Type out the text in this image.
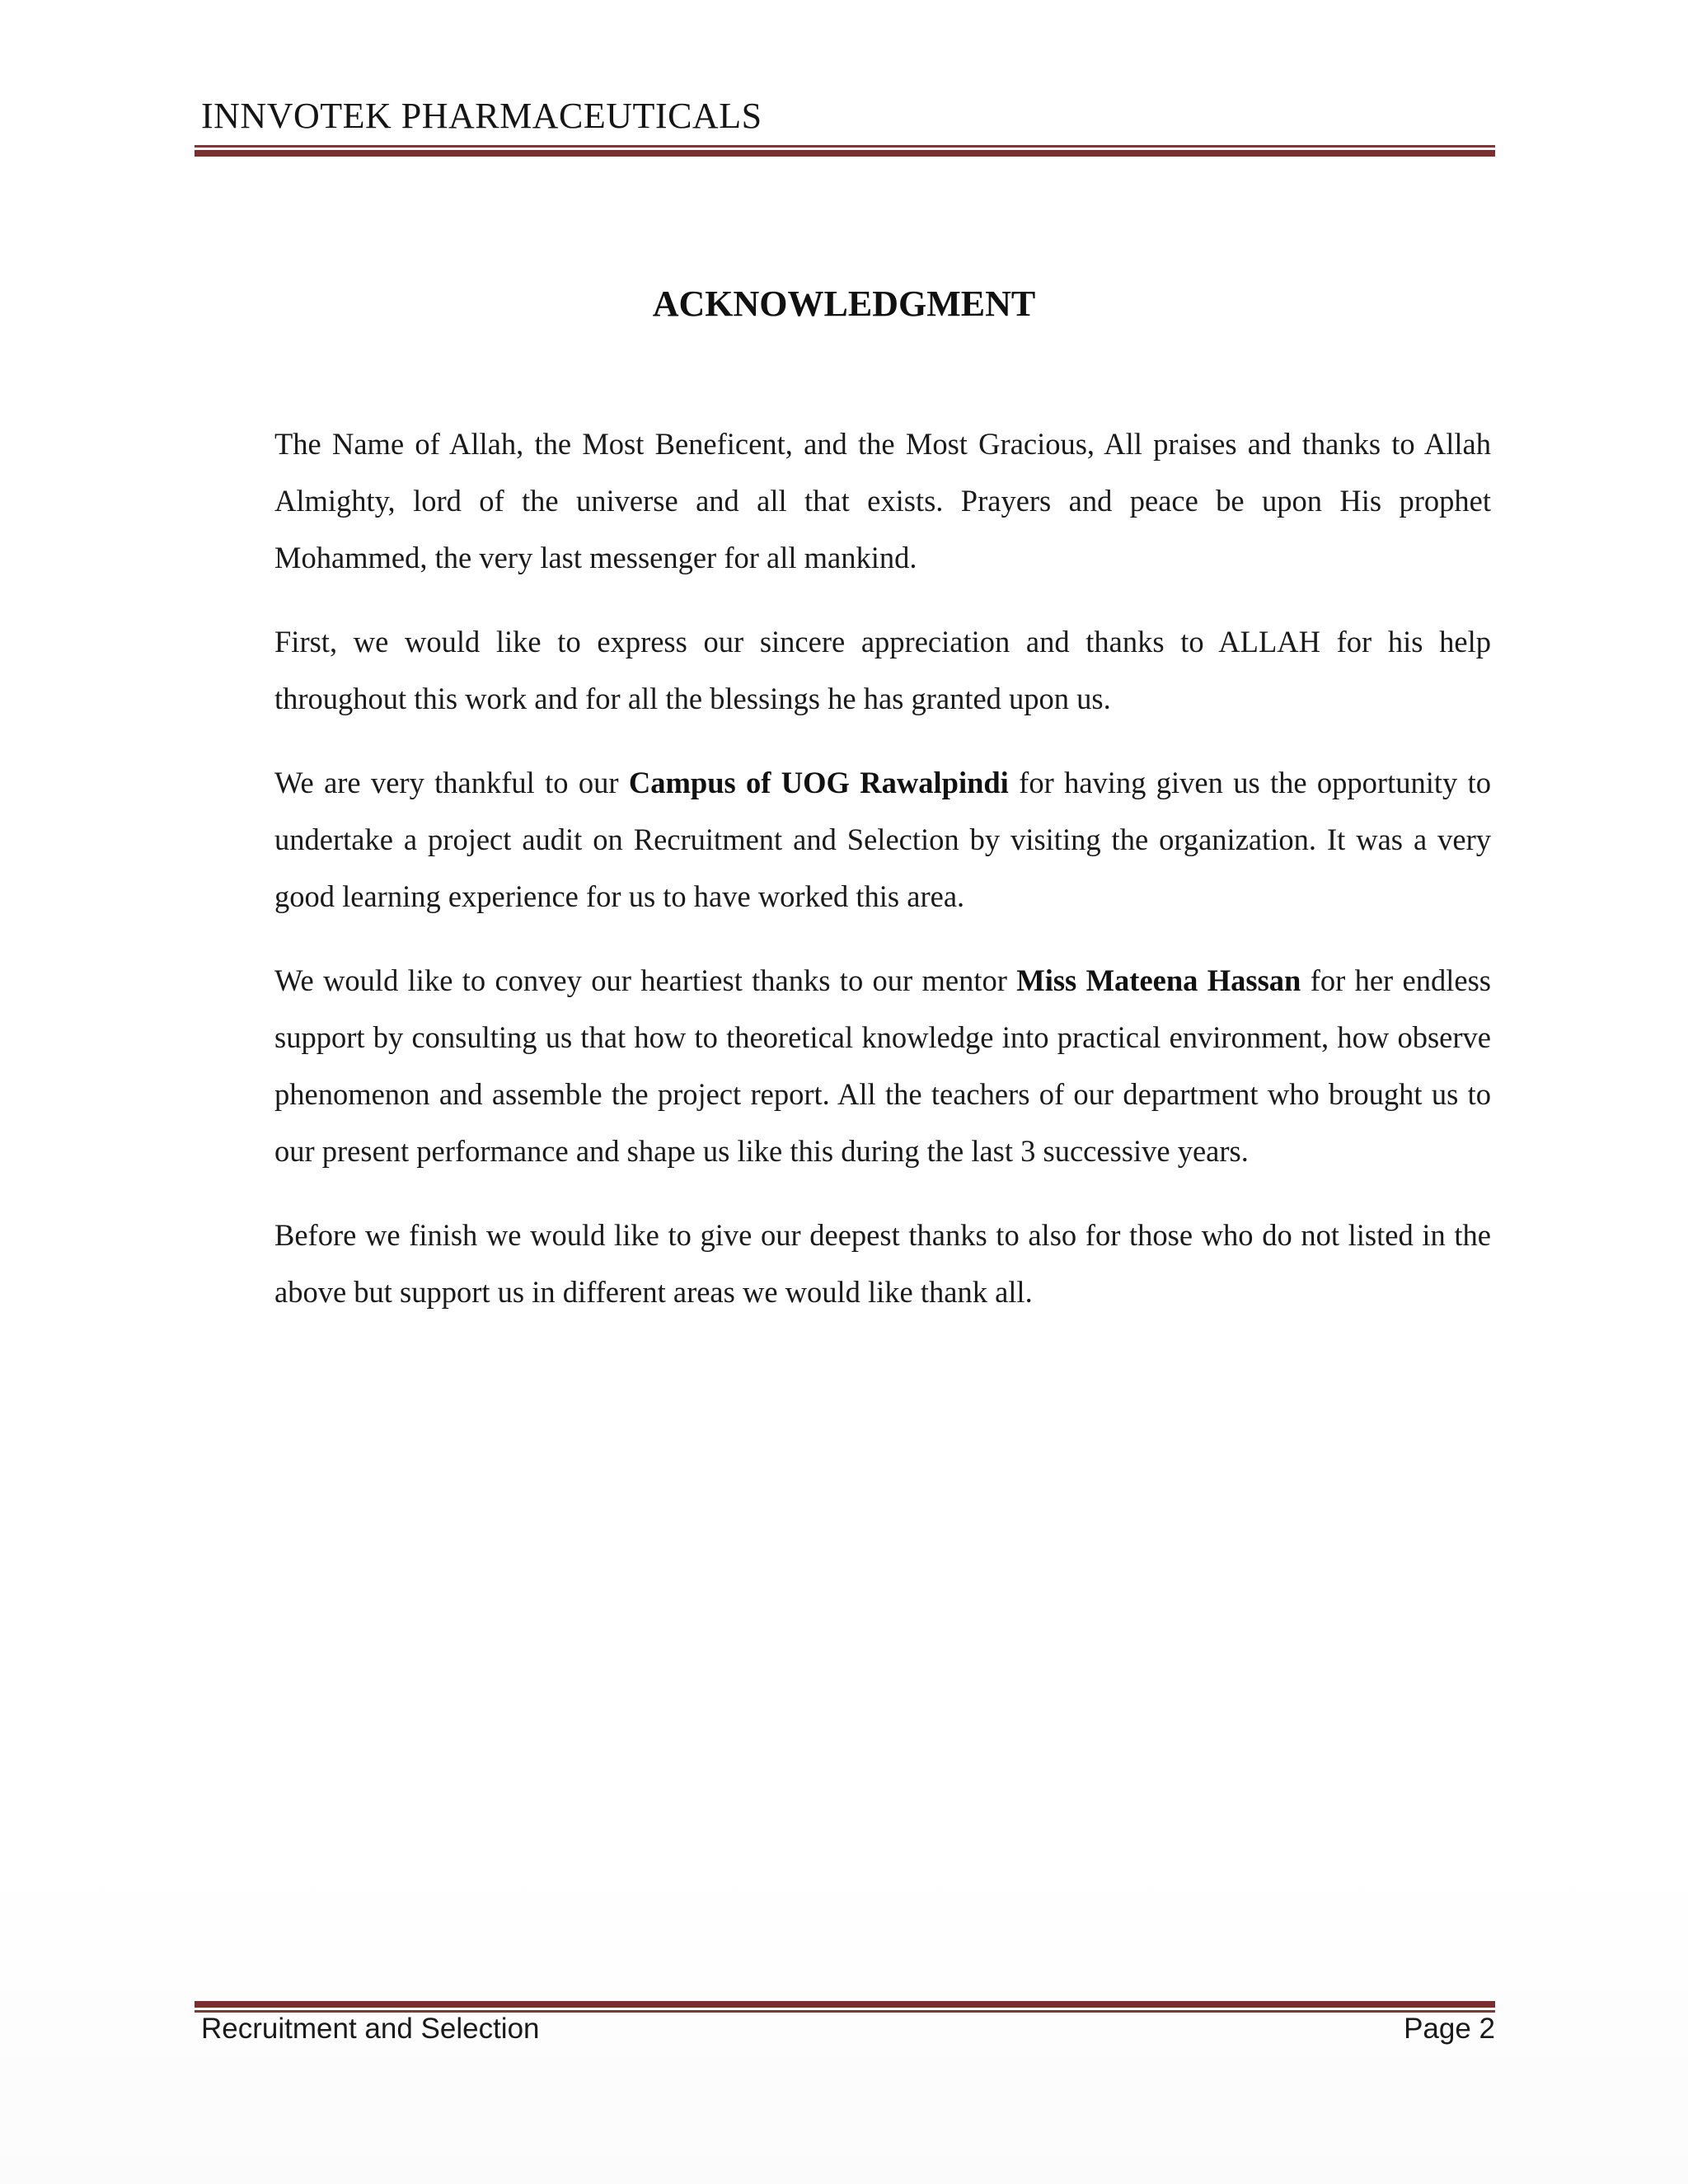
INNVOTEK PHARMACEUTICALS
ACKNOWLEDGMENT

The Name of Allah, the Most Beneficent, and the Most Gracious, All praises and thanks to Allah Almighty, lord of the universe and all that exists. Prayers and peace be upon His prophet Mohammed, the very last messenger for all mankind.

First, we would like to express our sincere appreciation and thanks to ALLAH for his help throughout this work and for all the blessings he has granted upon us.

We are very thankful to our Campus of UOG Rawalpindi for having given us the opportunity to undertake a project audit on Recruitment and Selection by visiting the organization. It was a very good learning experience for us to have worked this area.

We would like to convey our heartiest thanks to our mentor Miss Mateena Hassan for her endless support by consulting us that how to theoretical knowledge into practical environment, how observe phenomenon and assemble the project report. All the teachers of our department who brought us to our present performance and shape us like this during the last 3 successive years.

Before we finish we would like to give our deepest thanks to also for those who do not listed in the above but support us in different areas we would like thank all.

Recruitment and Selection	Page 2
